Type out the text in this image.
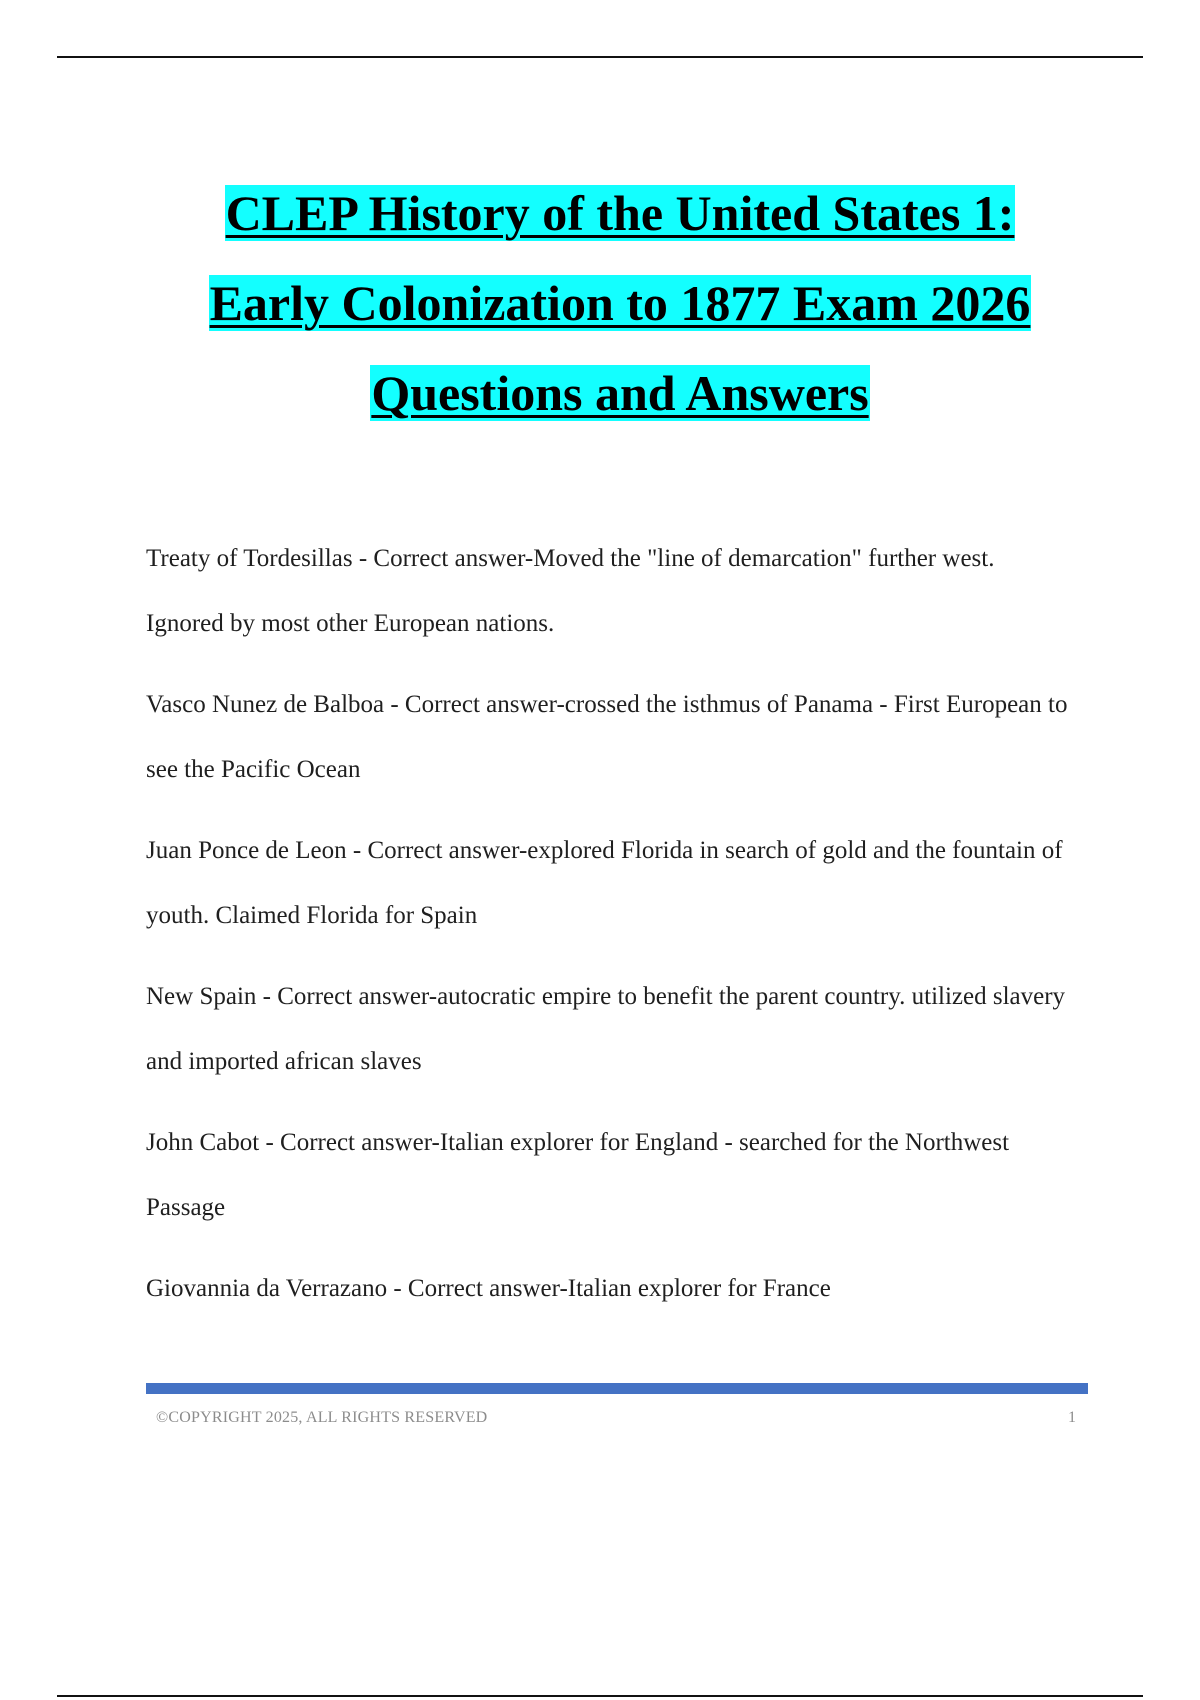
CLEP History of the United States 1:
Early Colonization to 1877 Exam 2026
Questions and Answers

Treaty of Tordesillas - Correct answer-Moved the "line of demarcation" further west. Ignored by most other European nations.

Vasco Nunez de Balboa - Correct answer-crossed the isthmus of Panama - First European to see the Pacific Ocean

Juan Ponce de Leon - Correct answer-explored Florida in search of gold and the fountain of youth. Claimed Florida for Spain

New Spain - Correct answer-autocratic empire to benefit the parent country. utilized slavery and imported african slaves

John Cabot - Correct answer-Italian explorer for England - searched for the Northwest Passage

Giovannia da Verrazano - Correct answer-Italian explorer for France

©COPYRIGHT 2025, ALL RIGHTS RESERVED	1
